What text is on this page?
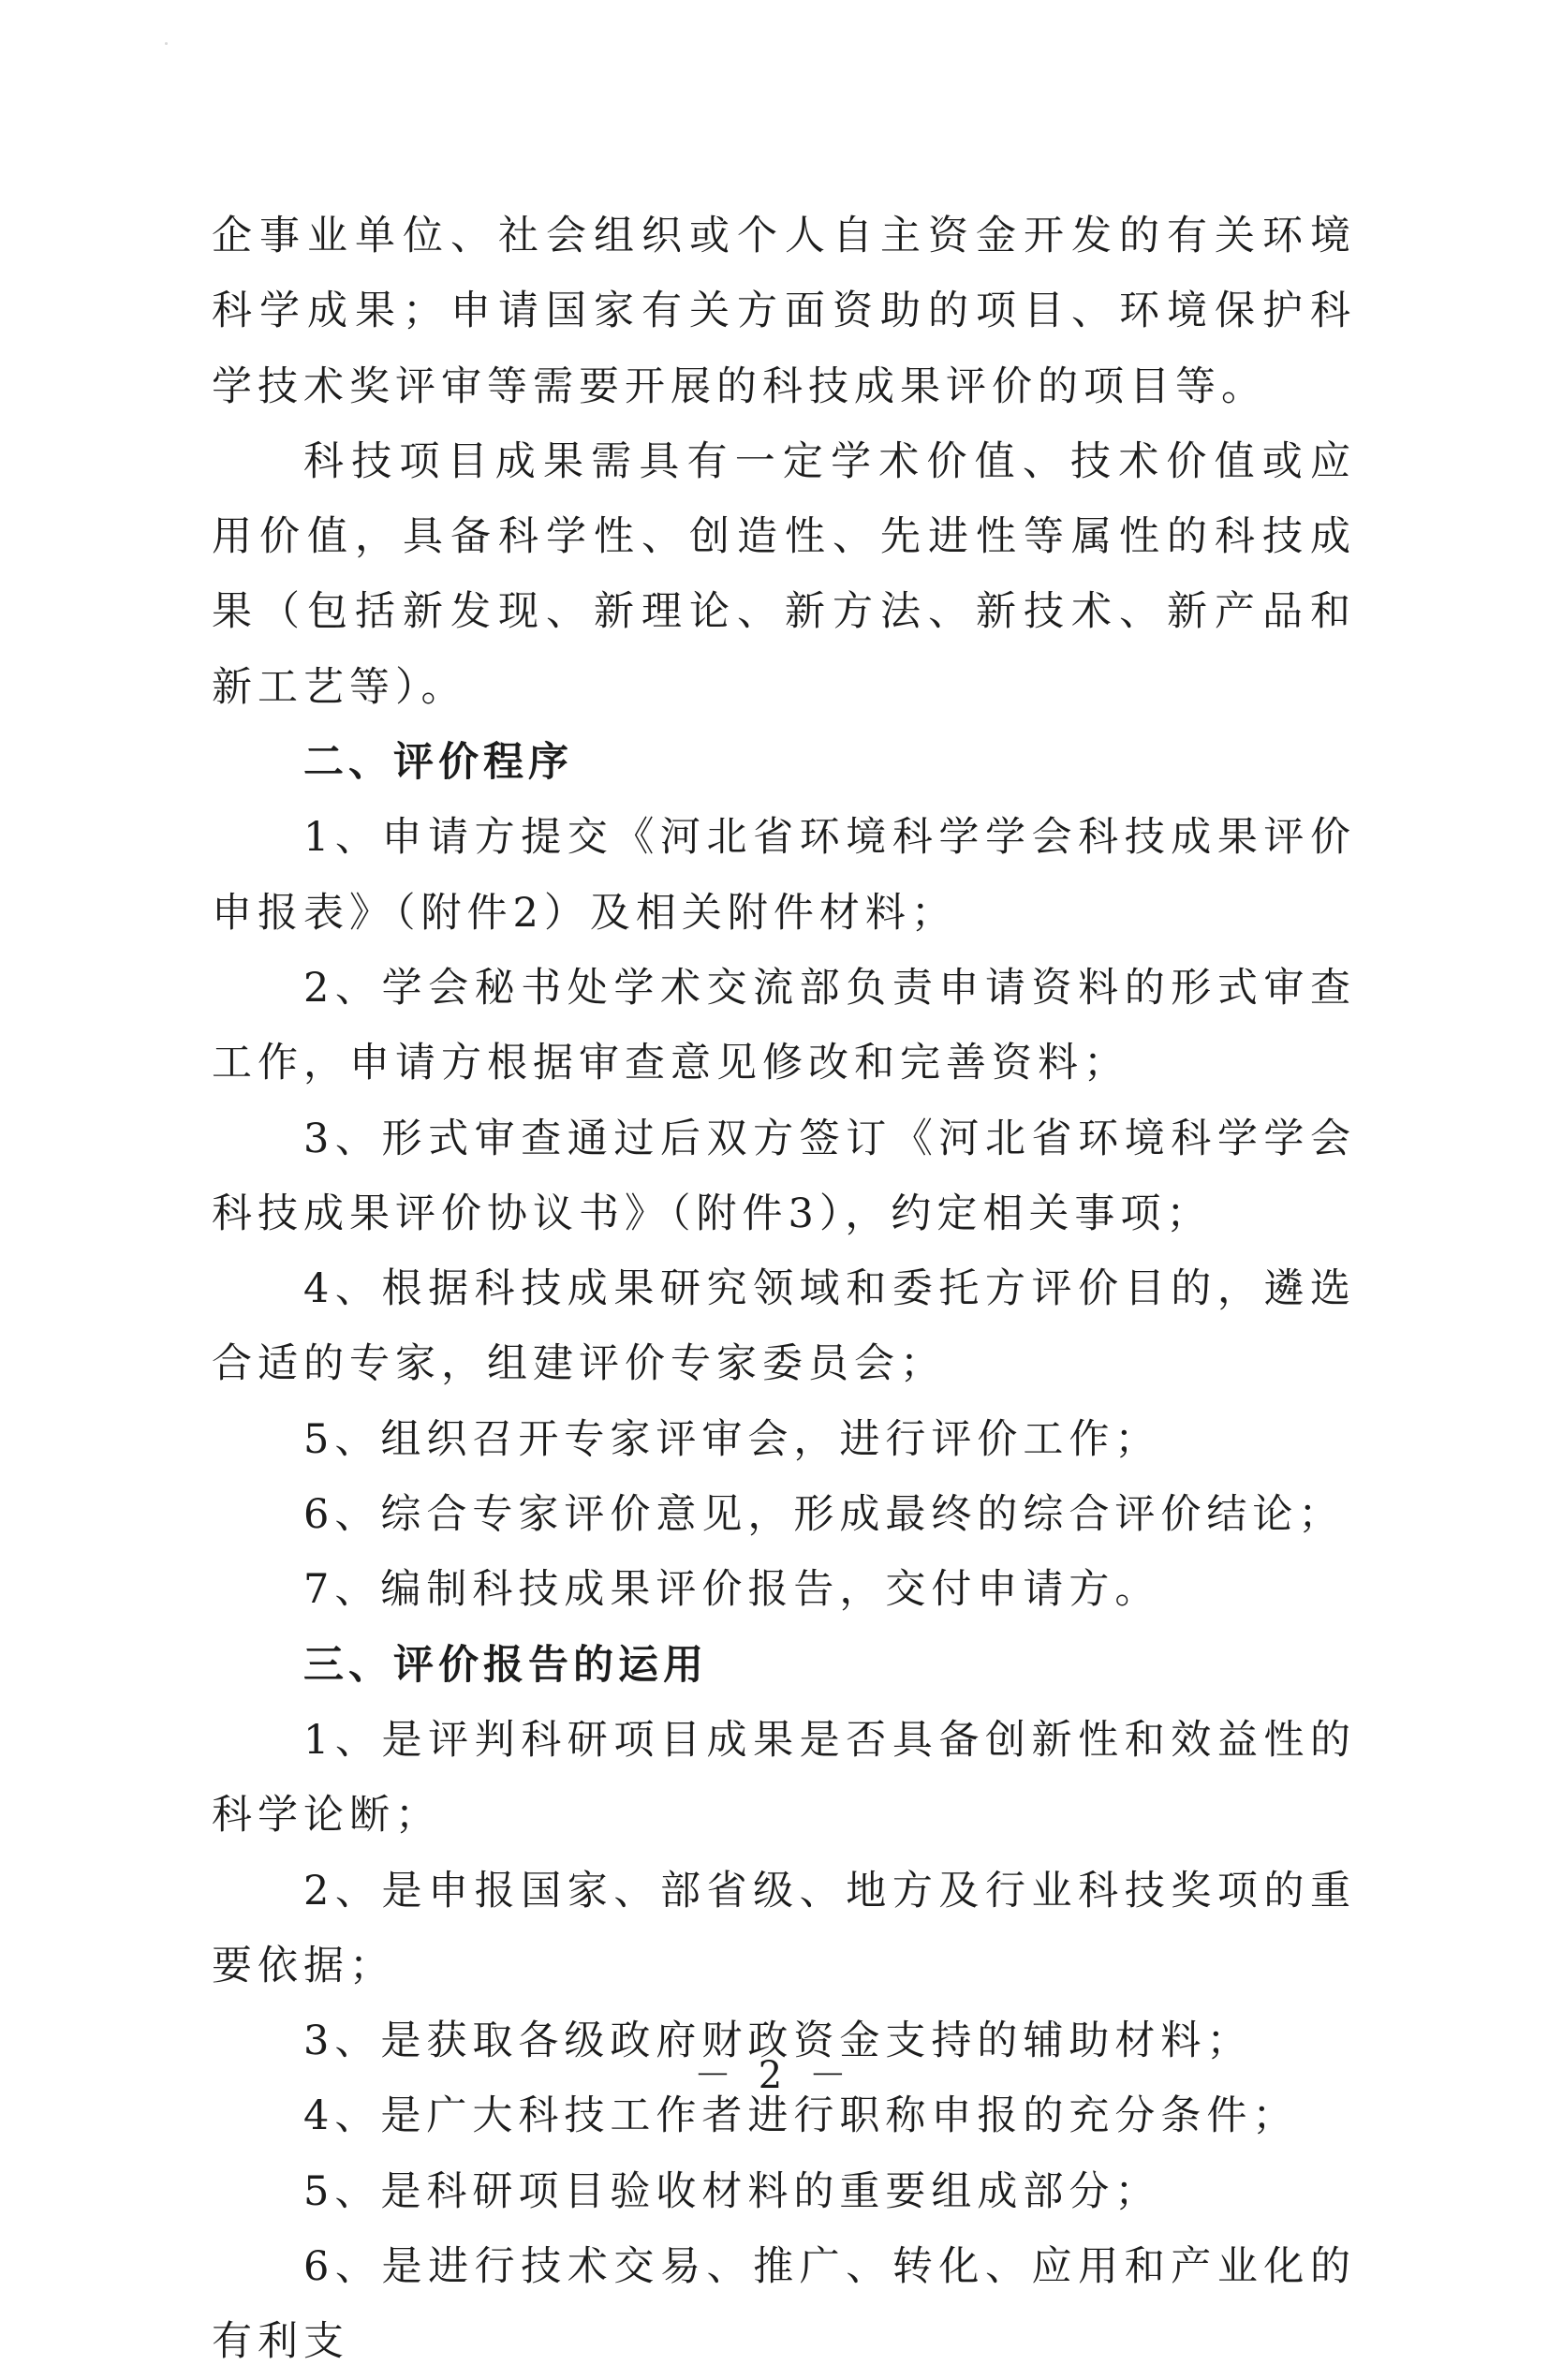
企事业单位、社会组织或个人自主资金开发的有关环境科学成果；申请国家有关方面资助的项目、环境保护科学技术奖评审等需要开展的科技成果评价的项目等。

科技项目成果需具有一定学术价值、技术价值或应用价值，具备科学性、创造性、先进性等属性的科技成果（包括新发现、新理论、新方法、新技术、新产品和新工艺等）。

二、评价程序

1、申请方提交《河北省环境科学学会科技成果评价申报表》（附件2）及相关附件材料；

2、学会秘书处学术交流部负责申请资料的形式审查工作，申请方根据审查意见修改和完善资料；

3、形式审查通过后双方签订《河北省环境科学学会科技成果评价协议书》（附件3），约定相关事项；

4、根据科技成果研究领域和委托方评价目的，遴选合适的专家，组建评价专家委员会；

5、组织召开专家评审会，进行评价工作；

6、综合专家评价意见，形成最终的综合评价结论；

7、编制科技成果评价报告，交付申请方。

三、评价报告的运用

1、是评判科研项目成果是否具备创新性和效益性的科学论断；

2、是申报国家、部省级、地方及行业科技奖项的重要依据；

3、是获取各级政府财政资金支持的辅助材料；

4、是广大科技工作者进行职称申报的充分条件；

5、是科研项目验收材料的重要组成部分；

6、是进行技术交易、推广、转化、应用和产业化的有利支

－ 2 －
